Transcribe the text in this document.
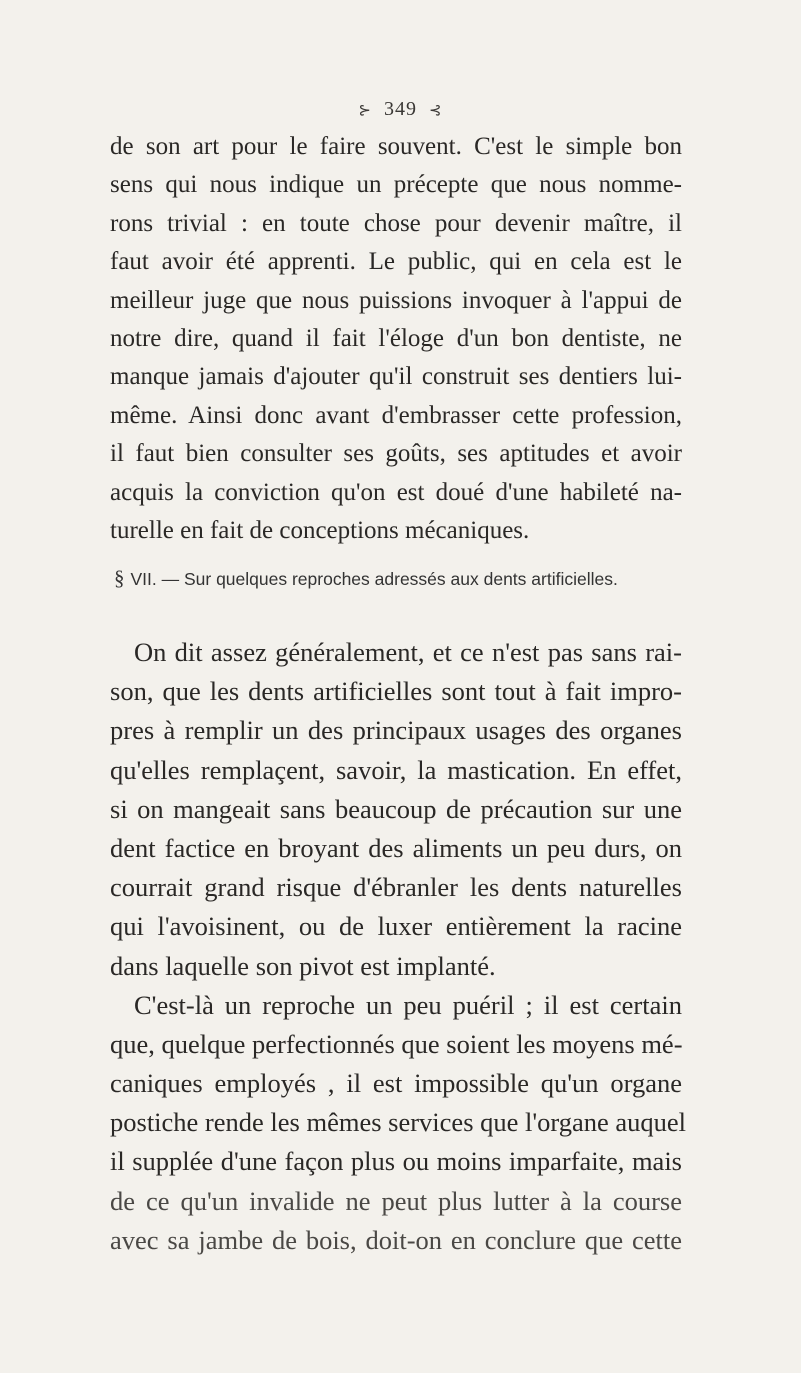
⊱ 349 ⊰
de son art pour le faire souvent. C'est le simple bon
sens qui nous indique un précepte que nous nomme-
rons trivial : en toute chose pour devenir maître, il
faut avoir été apprenti. Le public, qui en cela est le
meilleur juge que nous puissions invoquer à l'appui de
notre dire, quand il fait l'éloge d'un bon dentiste, ne
manque jamais d'ajouter qu'il construit ses dentiers lui-
même. Ainsi donc avant d'embrasser cette profession,
il faut bien consulter ses goûts, ses aptitudes et avoir
acquis la conviction qu'on est doué d'une habileté na-
turelle en fait de conceptions mécaniques.
§ VII. — Sur quelques reproches adressés aux dents artificielles.
On dit assez généralement, et ce n'est pas sans rai-
son, que les dents artificielles sont tout à fait impro-
pres à remplir un des principaux usages des organes
qu'elles remplaçent, savoir, la mastication. En effet,
si on mangeait sans beaucoup de précaution sur une
dent factice en broyant des aliments un peu durs, on
courrait grand risque d'ébranler les dents naturelles
qui l'avoisinent, ou de luxer entièrement la racine
dans laquelle son pivot est implanté.
C'est-là un reproche un peu puéril ; il est certain
que, quelque perfectionnés que soient les moyens mé-
caniques employés , il est impossible qu'un organe
postiche rende les mêmes services que l'organe auquel
il supplée d'une façon plus ou moins imparfaite, mais
de ce qu'un invalide ne peut plus lutter à la course
avec sa jambe de bois, doit-on en conclure que cette
